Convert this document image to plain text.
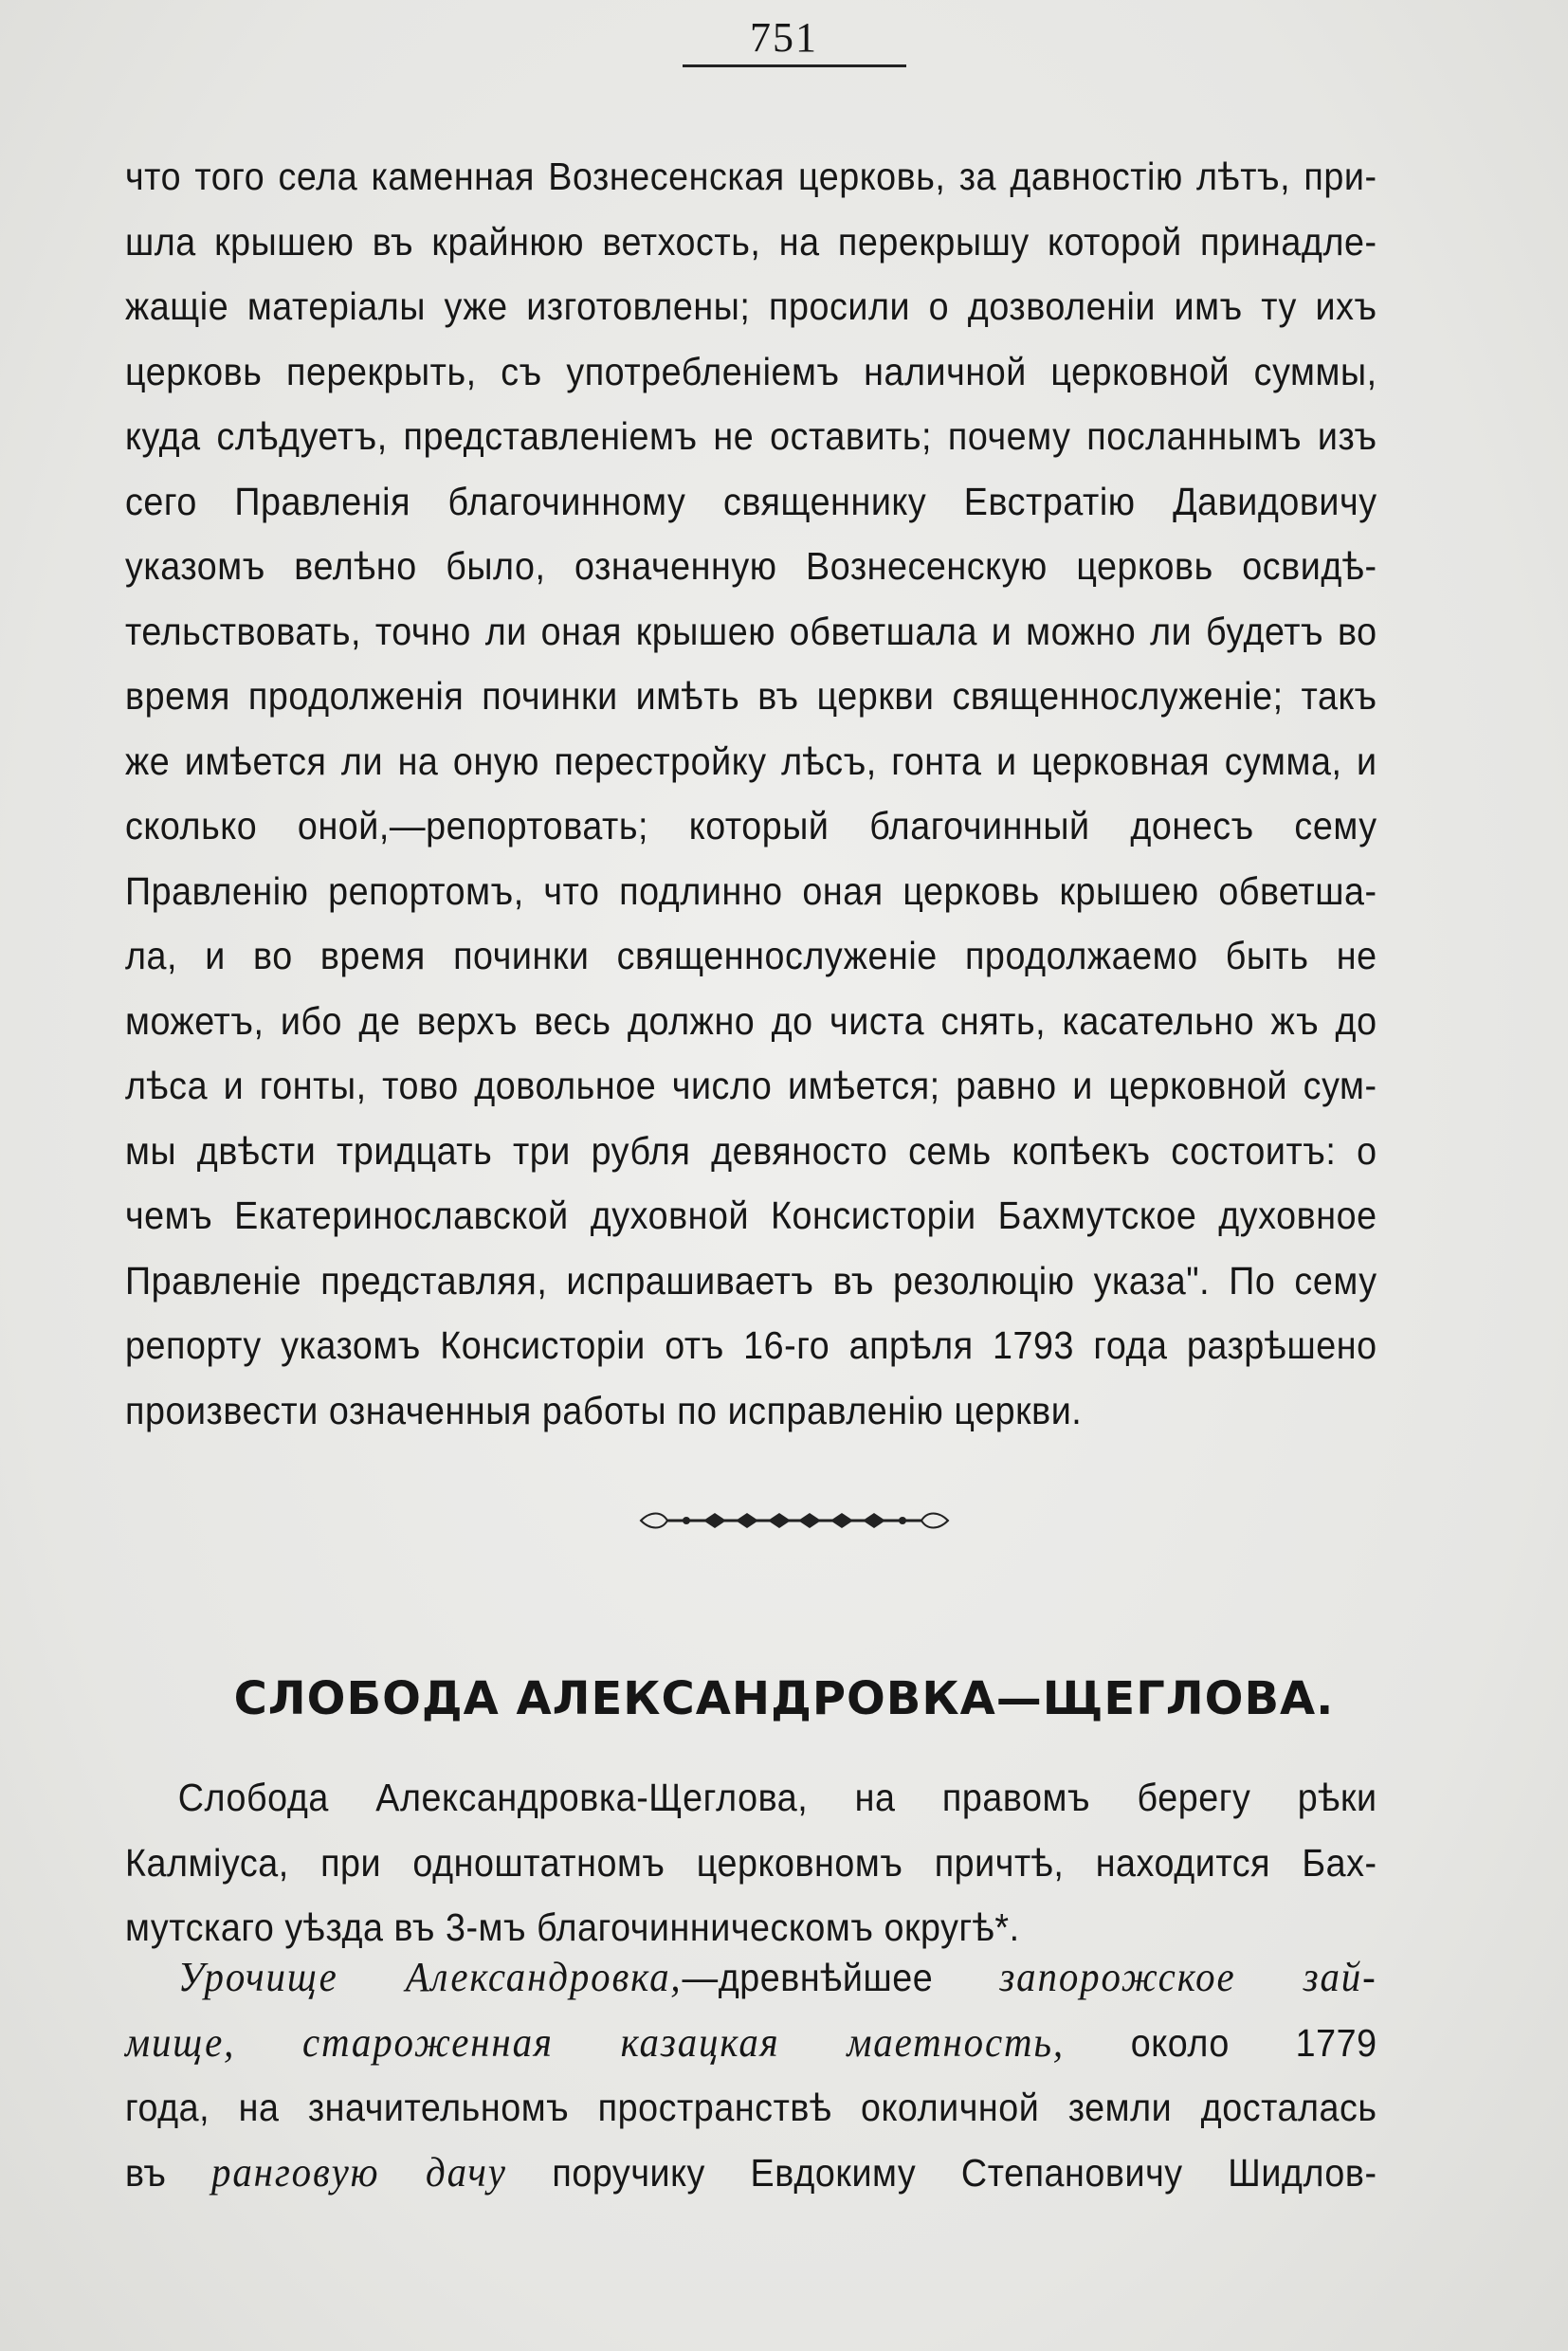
751
что того села каменная Вознесенская церковь, за давностію лѣтъ, при-
шла крышею въ крайнюю ветхость, на перекрышу которой принадле-
жащіе матеріалы уже изготовлены; просили о дозволеніи имъ ту ихъ
церковь перекрыть, съ употребленіемъ наличной церковной суммы,
куда слѣдуетъ, представленіемъ не оставить; почему посланнымъ изъ
сего Правленія благочинному священнику Евстратію Давидовичу
указомъ велѣно было, означенную Вознесенскую церковь освидѣ-
тельствовать, точно ли оная крышею обветшала и можно ли будетъ во
время продолженія починки имѣть въ церкви священнослуженіе; такъ
же имѣется ли на оную перестройку лѣсъ, гонта и церковная сумма, и
сколько оной,—репортовать; который благочинный донесъ сему
Правленію репортомъ, что подлинно оная церковь крышею обветша-
ла, и во время починки священнослуженіе продолжаемо быть не
можетъ, ибо де верхъ весь должно до чиста снять, касательно жъ до
лѣса и гонты, тово довольное число имѣется; равно и церковной сум-
мы двѣсти тридцать три рубля девяносто семь копѣекъ состоитъ: о
чемъ Екатеринославской духовной Консисторіи Бахмутское духовное
Правленіе представляя, испрашиваетъ въ резолюцію указа". По сему
репорту указомъ Консисторіи отъ 16-го апрѣля 1793 года разрѣшено
произвести означенныя работы по исправленію церкви.
СЛОБОДА АЛЕКСАНДРОВКА—ЩЕГЛОВА.
Слобода Александровка-Щеглова, на правомъ берегу рѣки
Калміуса, при одноштатномъ церковномъ причтѣ, находится Бах-
мутскаго уѣзда въ 3-мъ благочинническомъ округѣ*.
Урочище Александровка,—древнѣйшее запорожское зай-
мище, староженная казацкая маетность, около 1779
года, на значительномъ пространствѣ околичной земли досталась
въ ранговую дачу поручику Евдокиму Степановичу Шидлов-
